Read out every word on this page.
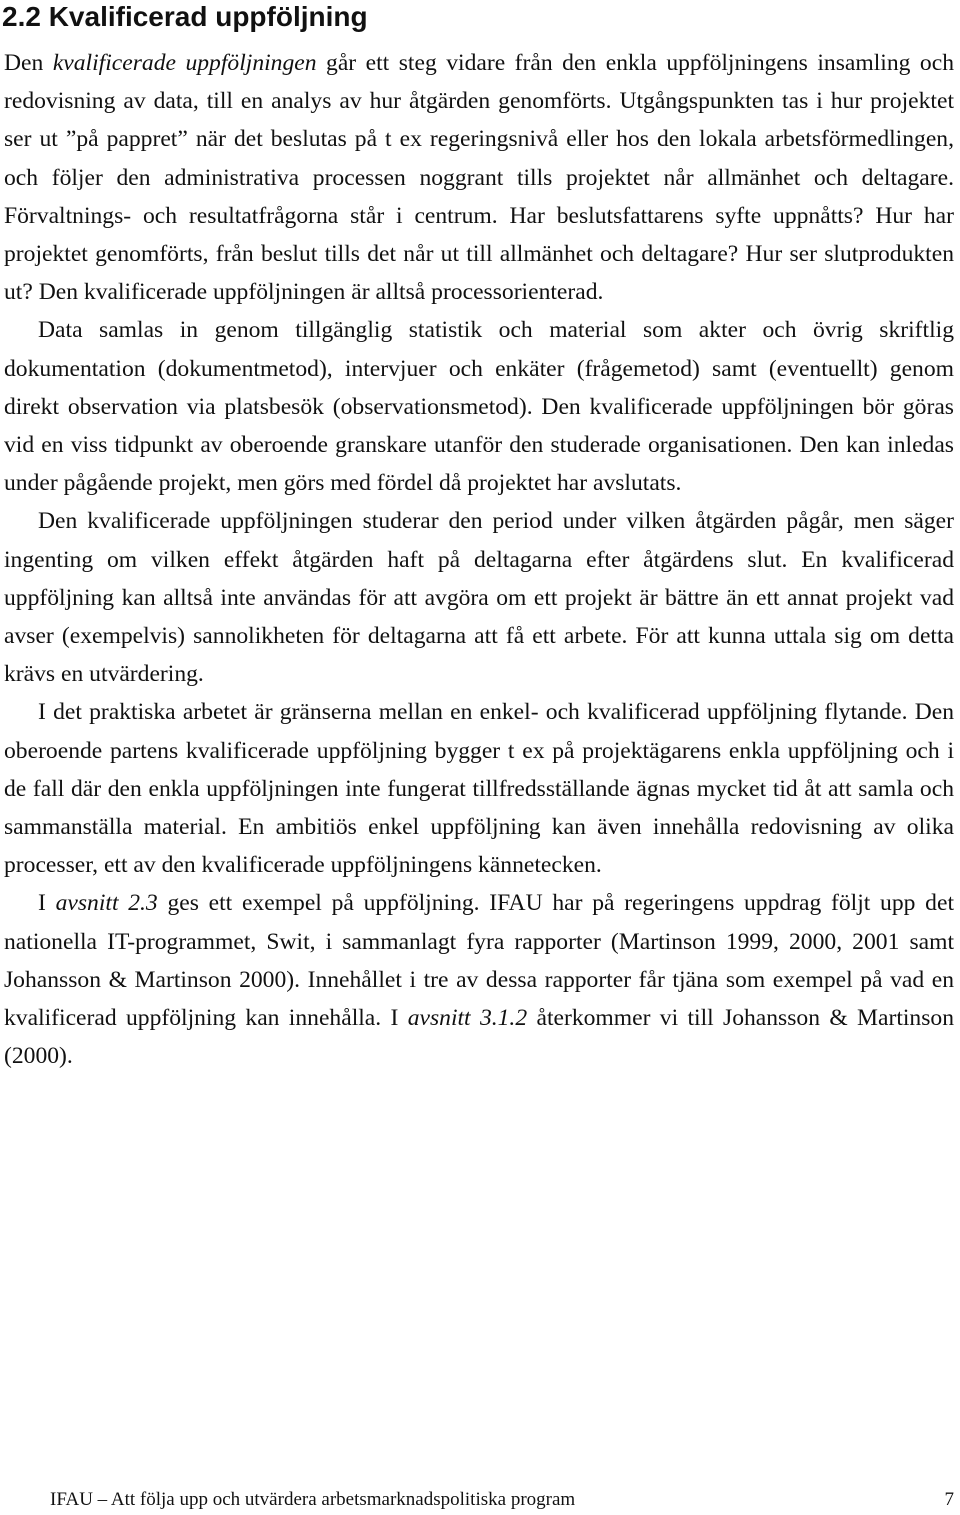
2.2 Kvalificerad uppföljning

Den kvalificerade uppföljningen går ett steg vidare från den enkla uppföljningens insamling och redovisning av data, till en analys av hur åtgärden genomförts. Utgångspunkten tas i hur projektet ser ut ”på pappret” när det beslutas på t ex regeringsnivå eller hos den lokala arbetsförmedlingen, och följer den administrativa processen noggrant tills projektet når allmänhet och deltagare. Förvaltnings- och resultatfrågorna står i centrum. Har beslutsfattarens syfte uppnåtts? Hur har projektet genomförts, från beslut tills det når ut till allmänhet och deltagare? Hur ser slutprodukten ut? Den kvalificerade uppföljningen är alltså processorienterad.

Data samlas in genom tillgänglig statistik och material som akter och övrig skriftlig dokumentation (dokumentmetod), intervjuer och enkäter (frågemetod) samt (eventuellt) genom direkt observation via platsbesök (observationsmetod). Den kvalificerade uppföljningen bör göras vid en viss tidpunkt av oberoende granskare utanför den studerade organisationen. Den kan inledas under pågående projekt, men görs med fördel då projektet har avslutats.

Den kvalificerade uppföljningen studerar den period under vilken åtgärden pågår, men säger ingenting om vilken effekt åtgärden haft på deltagarna efter åtgärdens slut. En kvalificerad uppföljning kan alltså inte användas för att avgöra om ett projekt är bättre än ett annat projekt vad avser (exempelvis) sannolikheten för deltagarna att få ett arbete. För att kunna uttala sig om detta krävs en utvärdering.

I det praktiska arbetet är gränserna mellan en enkel- och kvalificerad uppföljning flytande. Den oberoende partens kvalificerade uppföljning bygger t ex på projektägarens enkla uppföljning och i de fall där den enkla uppföljningen inte fungerat tillfredsställande ägnas mycket tid åt att samla och sammanställa material. En ambitiös enkel uppföljning kan även innehålla redovisning av olika processer, ett av den kvalificerade uppföljningens kännetecken.

I avsnitt 2.3 ges ett exempel på uppföljning. IFAU har på regeringens uppdrag följt upp det nationella IT-programmet, Swit, i sammanlagt fyra rapporter (Martinson 1999, 2000, 2001 samt Johansson & Martinson 2000). Innehållet i tre av dessa rapporter får tjäna som exempel på vad en kvalificerad uppföljning kan innehålla. I avsnitt 3.1.2 återkommer vi till Johansson & Martinson (2000).

IFAU – Att följa upp och utvärdera arbetsmarknadspolitiska program	7
